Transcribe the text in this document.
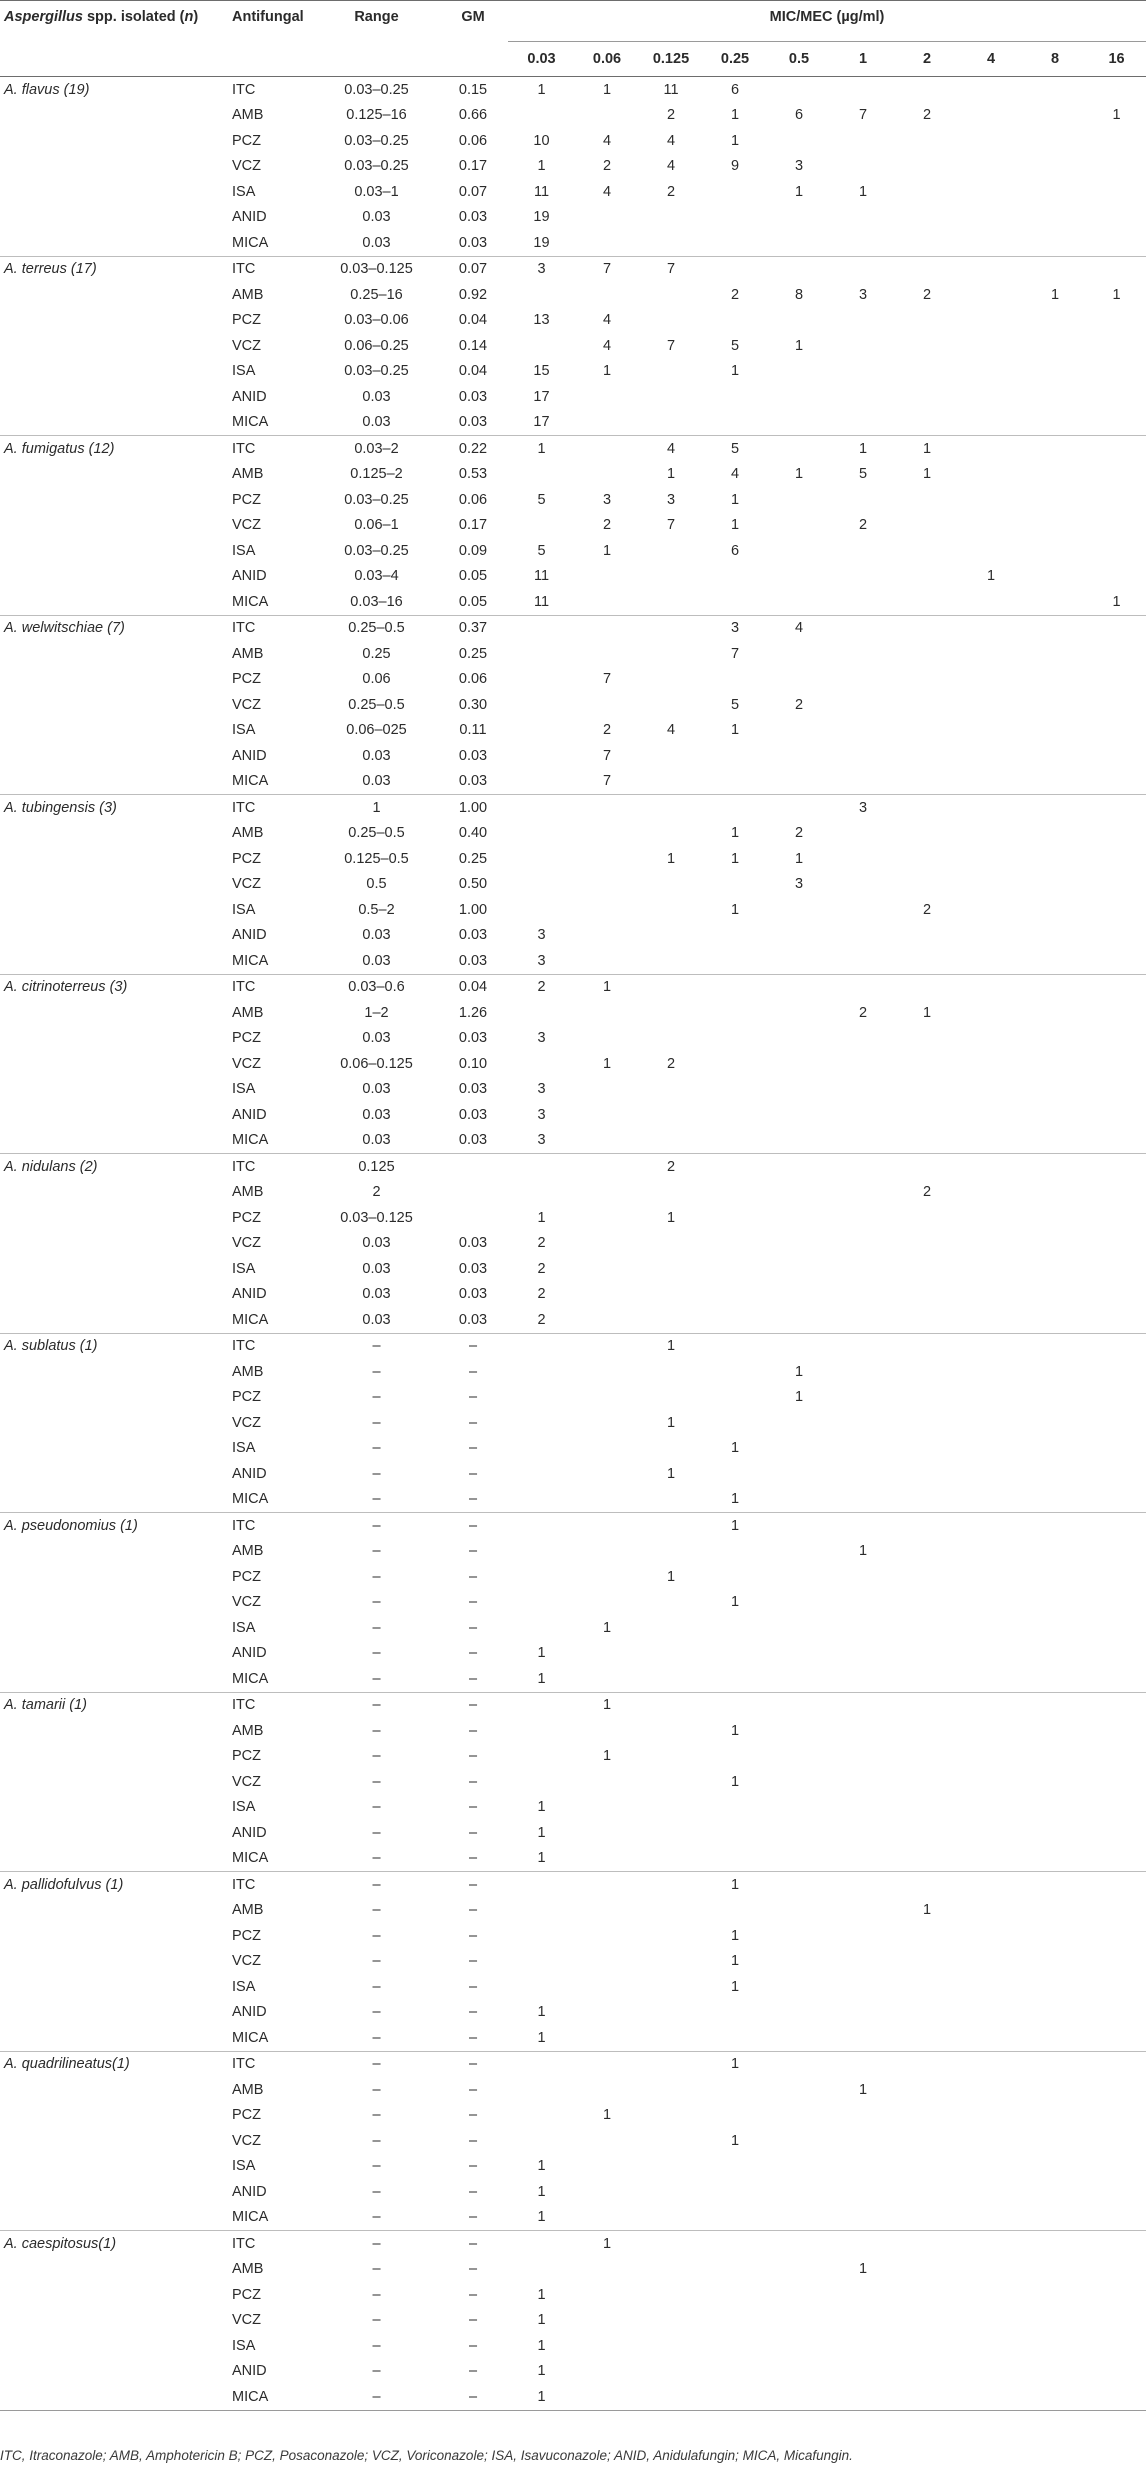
Aspergillus spp. isolated (n)	Antifungal	Range	GM	MIC/MEC (µg/ml)									
				0.03	0.06	0.125	0.25	0.5	1	2	4	8	16
A. flavus (19)	ITC	0.03–0.25	0.15	1	1	11	6						
	AMB	0.125–16	0.66			2	1	6	7	2			1
	PCZ	0.03–0.25	0.06	10	4	4	1						
	VCZ	0.03–0.25	0.17	1	2	4	9	3					
	ISA	0.03–1	0.07	11	4	2		1	1				
	ANID	0.03	0.03	19									
	MICA	0.03	0.03	19									
A. terreus (17)	ITC	0.03–0.125	0.07	3	7	7							
	AMB	0.25–16	0.92				2	8	3	2		1	1
	PCZ	0.03–0.06	0.04	13	4								
	VCZ	0.06–0.25	0.14		4	7	5	1					
	ISA	0.03–0.25	0.04	15	1		1						
	ANID	0.03	0.03	17									
	MICA	0.03	0.03	17									
A. fumigatus (12)	ITC	0.03–2	0.22	1		4	5		1	1			
	AMB	0.125–2	0.53			1	4	1	5	1			
	PCZ	0.03–0.25	0.06	5	3	3	1						
	VCZ	0.06–1	0.17		2	7	1		2				
	ISA	0.03–0.25	0.09	5	1		6						
	ANID	0.03–4	0.05	11							1		
	MICA	0.03–16	0.05	11									1
A. welwitschiae (7)	ITC	0.25–0.5	0.37				3	4					
	AMB	0.25	0.25				7						
	PCZ	0.06	0.06		7								
	VCZ	0.25–0.5	0.30				5	2					
	ISA	0.06–025	0.11		2	4	1						
	ANID	0.03	0.03		7								
	MICA	0.03	0.03		7								
A. tubingensis (3)	ITC	1	1.00						3				
	AMB	0.25–0.5	0.40				1	2					
	PCZ	0.125–0.5	0.25			1	1	1					
	VCZ	0.5	0.50					3					
	ISA	0.5–2	1.00				1			2			
	ANID	0.03	0.03	3									
	MICA	0.03	0.03	3									
A. citrinoterreus (3)	ITC	0.03–0.6	0.04	2	1								
	AMB	1–2	1.26						2	1			
	PCZ	0.03	0.03	3									
	VCZ	0.06–0.125	0.10		1	2							
	ISA	0.03	0.03	3									
	ANID	0.03	0.03	3									
	MICA	0.03	0.03	3									
A. nidulans (2)	ITC	0.125				2							
	AMB	2								2			
	PCZ	0.03–0.125		1		1							
	VCZ	0.03	0.03	2									
	ISA	0.03	0.03	2									
	ANID	0.03	0.03	2									
	MICA	0.03	0.03	2									
A. sublatus (1)	ITC	–	–			1							
	AMB	–	–					1					
	PCZ	–	–					1					
	VCZ	–	–			1							
	ISA	–	–				1						
	ANID	–	–			1							
	MICA	–	–				1						
A. pseudonomius (1)	ITC	–	–				1						
	AMB	–	–						1				
	PCZ	–	–			1							
	VCZ	–	–				1						
	ISA	–	–		1								
	ANID	–	–	1									
	MICA	–	–	1									
A. tamarii (1)	ITC	–	–		1								
	AMB	–	–				1						
	PCZ	–	–		1								
	VCZ	–	–				1						
	ISA	–	–	1									
	ANID	–	–	1									
	MICA	–	–	1									
A. pallidofulvus (1)	ITC	–	–				1						
	AMB	–	–							1			
	PCZ	–	–				1						
	VCZ	–	–				1						
	ISA	–	–				1						
	ANID	–	–	1									
	MICA	–	–	1									
A. quadrilineatus(1)	ITC	–	–				1						
	AMB	–	–						1				
	PCZ	–	–		1								
	VCZ	–	–				1						
	ISA	–	–	1									
	ANID	–	–	1									
	MICA	–	–	1									
A. caespitosus(1)	ITC	–	–		1								
	AMB	–	–						1				
	PCZ	–	–	1									
	VCZ	–	–	1									
	ISA	–	–	1									
	ANID	–	–	1									
	MICA	–	–	1									
ITC, Itraconazole; AMB, Amphotericin B; PCZ, Posaconazole; VCZ, Voriconazole; ISA, Isavuconazole; ANID, Anidulafungin; MICA, Micafungin.
